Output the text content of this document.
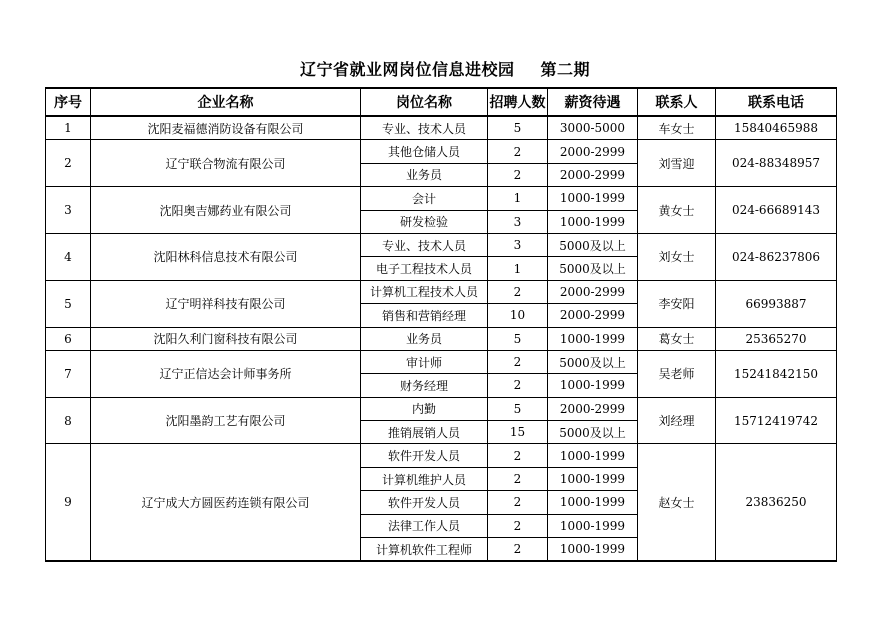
辽宁省就业网岗位信息进校园 第二期
序号	企业名称	岗位名称	招聘人数	薪资待遇	联系人	联系电话
1	沈阳麦福德消防设备有限公司	专业、技术人员	5	3000-5000	车女士	15840465988
2	辽宁联合物流有限公司	其他仓储人员	2	2000-2999	刘雪迎	024-88348957
		业务员	2	2000-2999		
3	沈阳奥吉娜药业有限公司	会计	1	1000-1999	黄女士	024-66689143
		研发检验	3	1000-1999		
4	沈阳林科信息技术有限公司	专业、技术人员	3	5000及以上	刘女士	024-86237806
		电子工程技术人员	1	5000及以上		
5	辽宁明祥科技有限公司	计算机工程技术人员	2	2000-2999	李安阳	66993887
		销售和营销经理	10	2000-2999		
6	沈阳久利门窗科技有限公司	业务员	5	1000-1999	葛女士	25365270
7	辽宁正信达会计师事务所	审计师	2	5000及以上	吴老师	15241842150
		财务经理	2	1000-1999		
8	沈阳墨韵工艺有限公司	内勤	5	2000-2999	刘经理	15712419742
		推销展销人员	15	5000及以上		
9	辽宁成大方圆医药连锁有限公司	软件开发人员	2	1000-1999	赵女士	23836250
		计算机维护人员	2	1000-1999		
		软件开发人员	2	1000-1999		
		法律工作人员	2	1000-1999		
		计算机软件工程师	2	1000-1999		
